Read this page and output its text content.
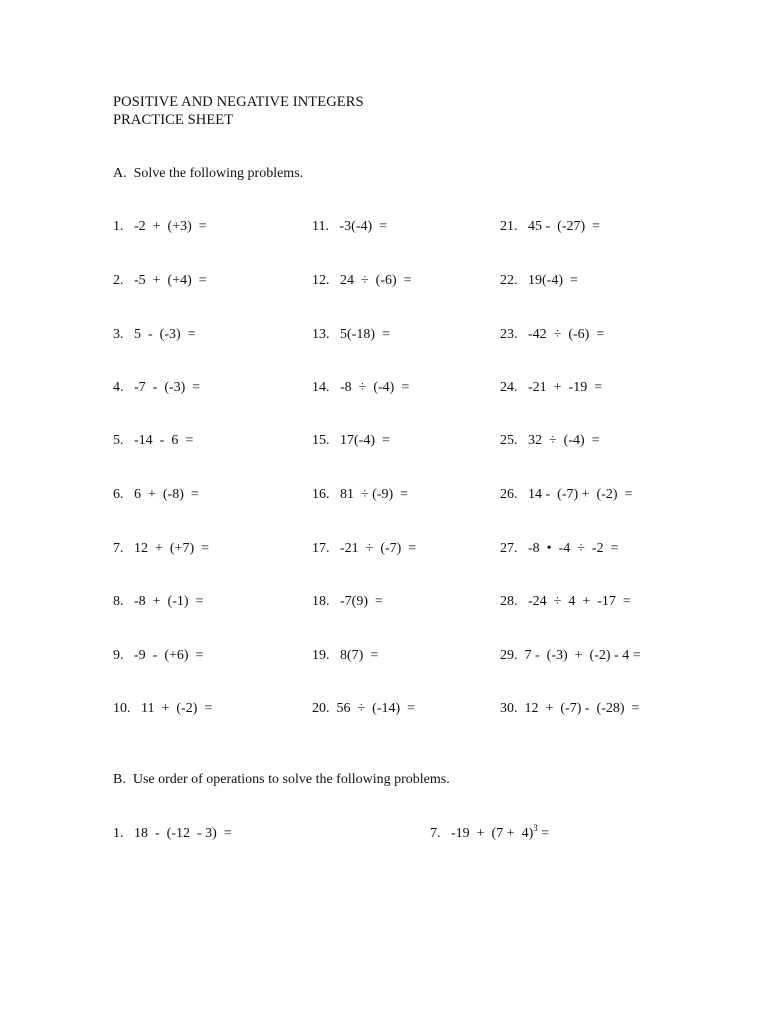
POSITIVE AND NEGATIVE INTEGERS
PRACTICE SHEET
A.  Solve the following problems.
1.   -2  +  (+3)  =
2.   -5  +  (+4)  =
3.   5  -  (-3)  =
4.   -7  -  (-3)  =
5.   -14  -  6  =
6.   6  +  (-8)  =
7.   12  +  (+7)  =
8.   -8  +  (-1)  =
9.   -9  -  (+6)  =
10.   11  +  (-2)  =
11.   -3(-4)  =
12.   24  ÷  (-6)  =
13.   5(-18)  =
14.   -8  ÷  (-4)  =
15.   17(-4)  =
16.   81  ÷ (-9)  =
17.   -21  ÷  (-7)  =
18.   -7(9)  =
19.   8(7)  =
20.  56  ÷  (-14)  =
21.   45 -  (-27)  =
22.   19(-4)  =
23.   -42  ÷  (-6)  =
24.   -21  +  -19  =
25.   32  ÷  (-4)  =
26.   14 -  (-7) +  (-2)  =
27.   -8  •  -4  ÷  -2  =
28.   -24  ÷  4  +  -17  =
29.  7 -  (-3)  +  (-2) - 4 =
30.  12  +  (-7) -  (-28)  =
B.  Use order of operations to solve the following problems.
1.   18  -  (-12  - 3)  =	7.   $-19 + (7 + 4)^3$ =
